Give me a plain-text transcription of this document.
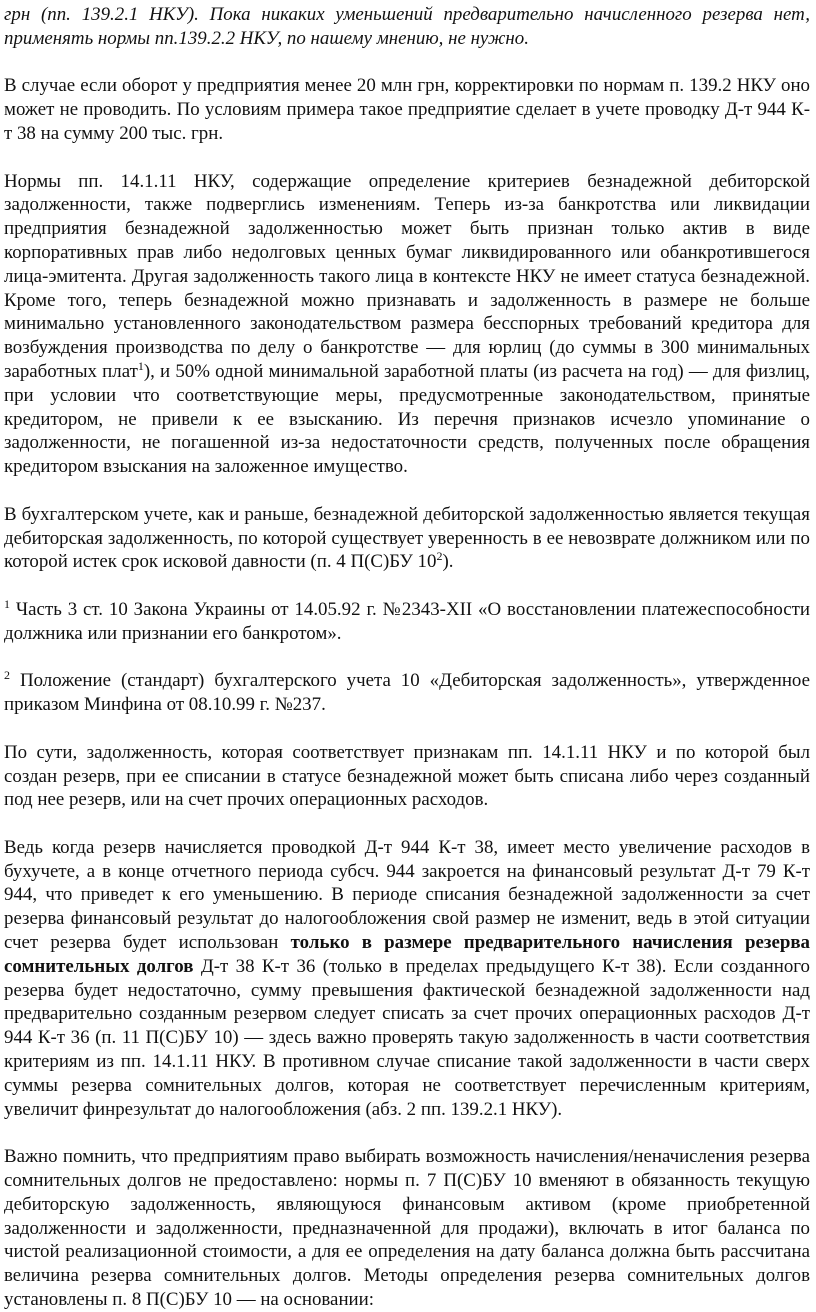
грн (пп. 139.2.1 НКУ). Пока никаких уменьшений предварительно начисленного резерва нет, применять нормы пп.139.2.2 НКУ, по нашему мнению, не нужно.

В случае если оборот у предприятия менее 20 млн грн, корректировки по нормам п. 139.2 НКУ оно может не проводить. По условиям примера такое предприятие сделает в учете проводку Д-т 944 К-т 38 на сумму 200 тыс. грн.

Нормы пп. 14.1.11 НКУ, содержащие определение критериев безнадежной дебиторской задолженности, также подверглись изменениям. Теперь из-за банкротства или ликвидации предприятия безнадежной задолженностью может быть признан только актив в виде корпоративных прав либо недолговых ценных бумаг ликвидированного или обанкротившегося лица-эмитента. Другая задолженность такого лица в контексте НКУ не имеет статуса безнадежной. Кроме того, теперь безнадежной можно признавать и задолженность в размере не больше минимально установленного законодательством размера бесспорных требований кредитора для возбуждения производства по делу о банкротстве — для юрлиц (до суммы в 300 минимальных заработных плат$^1$), и 50% одной минимальной заработной платы (из расчета на год) — для физлиц, при условии что соответствующие меры, предусмотренные законодательством, принятые кредитором, не привели к ее взысканию. Из перечня признаков исчезло упоминание о задолженности, не погашенной из-за недостаточности средств, полученных после обращения кредитором взыскания на заложенное имущество.

В бухгалтерском учете, как и раньше, безнадежной дебиторской задолженностью является текущая дебиторская задолженность, по которой существует уверенность в ее невозврате должником или по которой истек срок исковой давности (п. 4 П(С)БУ $10^2$).

$^1$ Часть 3 ст. 10 Закона Украины от 14.05.92 г. №2343-XII «О восстановлении платежеспособности должника или признании его банкротом».

$^2$ Положение (стандарт) бухгалтерского учета 10 «Дебиторская задолженность», утвержденное приказом Минфина от 08.10.99 г. №237.

По сути, задолженность, которая соответствует признакам пп. 14.1.11 НКУ и по которой был создан резерв, при ее списании в статусе безнадежной может быть списана либо через созданный под нее резерв, или на счет прочих операционных расходов.

Ведь когда резерв начисляется проводкой Д-т 944 К-т 38, имеет место увеличение расходов в бухучете, а в конце отчетного периода субсч. 944 закроется на финансовый результат Д-т 79 К-т 944, что приведет к его уменьшению. В периоде списания безнадежной задолженности за счет резерва финансовый результат до налогообложения свой размер не изменит, ведь в этой ситуации счет резерва будет использован только в размере предварительного начисления резерва сомнительных долгов Д-т 38 К-т 36 (только в пределах предыдущего К-т 38). Если созданного резерва будет недостаточно, сумму превышения фактической безнадежной задолженности над предварительно созданным резервом следует списать за счет прочих операционных расходов Д-т 944 К-т 36 (п. 11 П(С)БУ 10) — здесь важно проверять такую задолженность в части соответствия критериям из пп. 14.1.11 НКУ. В противном случае списание такой задолженности в части сверх суммы резерва сомнительных долгов, которая не соответствует перечисленным критериям, увеличит финрезультат до налогообложения (абз. 2 пп. 139.2.1 НКУ).

Важно помнить, что предприятиям право выбирать возможность начисления/неначисления резерва сомнительных долгов не предоставлено: нормы п. 7 П(С)БУ 10 вменяют в обязанность текущую дебиторскую задолженность, являющуюся финансовым активом (кроме приобретенной задолженности и задолженности, предназначенной для продажи), включать в итог баланса по чистой реализационной стоимости, а для ее определения на дату баланса должна быть рассчитана величина резерва сомнительных долгов. Методы определения резерва сомнительных долгов установлены п. 8 П(С)БУ 10 — на основании:
